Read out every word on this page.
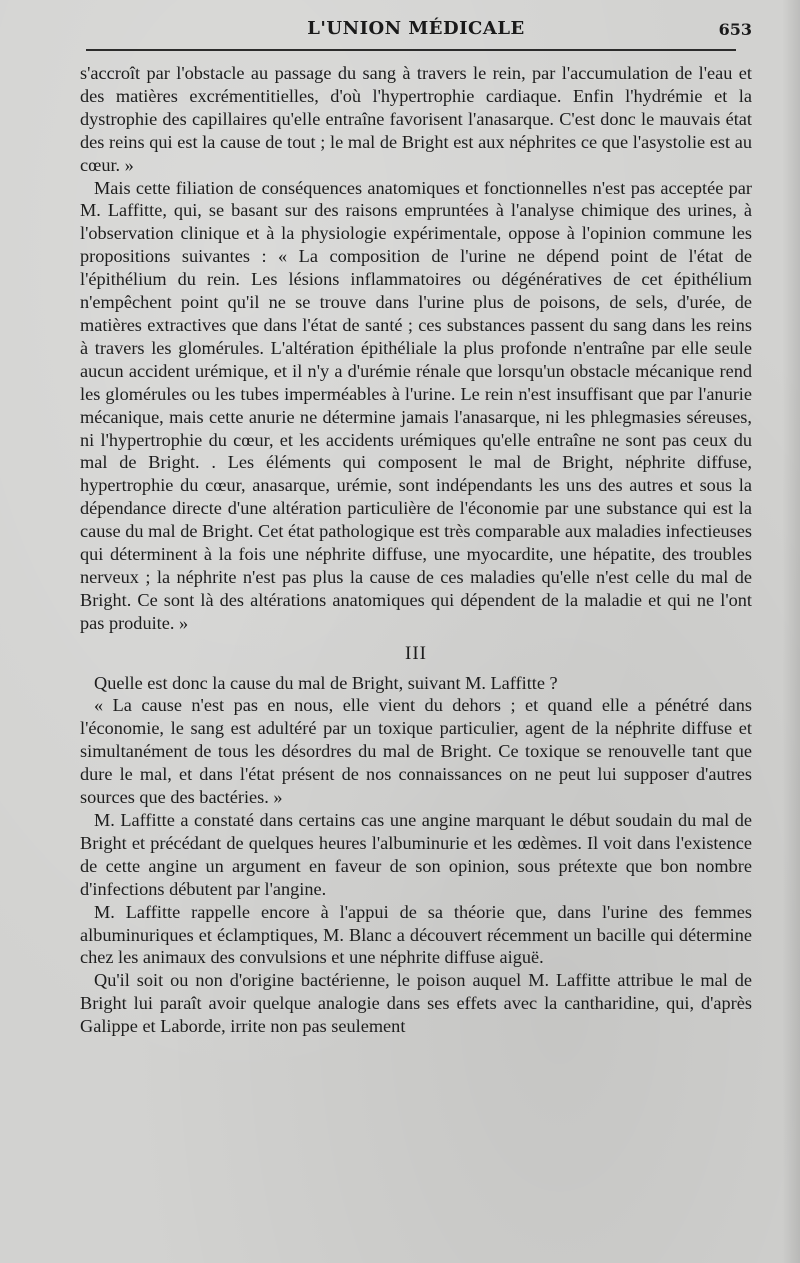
L'UNION MÉDICALE	653

s'accroît par l'obstacle au passage du sang à travers le rein, par l'accumulation de l'eau et des matières excrémentitielles, d'où l'hypertrophie cardiaque. Enfin l'hydrémie et la dystrophie des capillaires qu'elle entraîne favorisent l'anasarque. C'est donc le mauvais état des reins qui est la cause de tout ; le mal de Bright est aux néphrites ce que l'asystolie est au cœur. »

Mais cette filiation de conséquences anatomiques et fonctionnelles n'est pas acceptée par M. Laffitte, qui, se basant sur des raisons empruntées à l'analyse chimique des urines, à l'observation clinique et à la physiologie expérimentale, oppose à l'opinion commune les propositions suivantes : « La composition de l'urine ne dépend point de l'état de l'épithélium du rein. Les lésions inflammatoires ou dégénératives de cet épithélium n'empêchent point qu'il ne se trouve dans l'urine plus de poisons, de sels, d'urée, de matières extractives que dans l'état de santé ; ces substances passent du sang dans les reins à travers les glomérules. L'altération épithéliale la plus profonde n'entraîne par elle seule aucun accident urémique, et il n'y a d'urémie rénale que lorsqu'un obstacle mécanique rend les glomérules ou les tubes imperméables à l'urine. Le rein n'est insuffisant que par l'anurie mécanique, mais cette anurie ne détermine jamais l'anasarque, ni les phlegmasies séreuses, ni l'hypertrophie du cœur, et les accidents urémiques qu'elle entraîne ne sont pas ceux du mal de Bright. . Les éléments qui composent le mal de Bright, néphrite diffuse, hypertrophie du cœur, anasarque, urémie, sont indépendants les uns des autres et sous la dépendance directe d'une altération particulière de l'économie par une substance qui est la cause du mal de Bright. Cet état pathologique est très comparable aux maladies infectieuses qui déterminent à la fois une néphrite diffuse, une myocardite, une hépatite, des troubles nerveux ; la néphrite n'est pas plus la cause de ces maladies qu'elle n'est celle du mal de Bright. Ce sont là des altérations anatomiques qui dépendent de la maladie et qui ne l'ont pas produite. »

III

Quelle est donc la cause du mal de Bright, suivant M. Laffitte ?

« La cause n'est pas en nous, elle vient du dehors ; et quand elle a pénétré dans l'économie, le sang est adultéré par un toxique particulier, agent de la néphrite diffuse et simultanément de tous les désordres du mal de Bright. Ce toxique se renouvelle tant que dure le mal, et dans l'état présent de nos connaissances on ne peut lui supposer d'autres sources que des bactéries. »

M. Laffitte a constaté dans certains cas une angine marquant le début soudain du mal de Bright et précédant de quelques heures l'albuminurie et les œdèmes. Il voit dans l'existence de cette angine un argument en faveur de son opinion, sous prétexte que bon nombre d'infections débutent par l'angine.

M. Laffitte rappelle encore à l'appui de sa théorie que, dans l'urine des femmes albuminuriques et éclamptiques, M. Blanc a découvert récemment un bacille qui détermine chez les animaux des convulsions et une néphrite diffuse aiguë.

Qu'il soit ou non d'origine bactérienne, le poison auquel M. Laffitte attribue le mal de Bright lui paraît avoir quelque analogie dans ses effets avec la cantharidine, qui, d'après Galippe et Laborde, irrite non pas seulement
